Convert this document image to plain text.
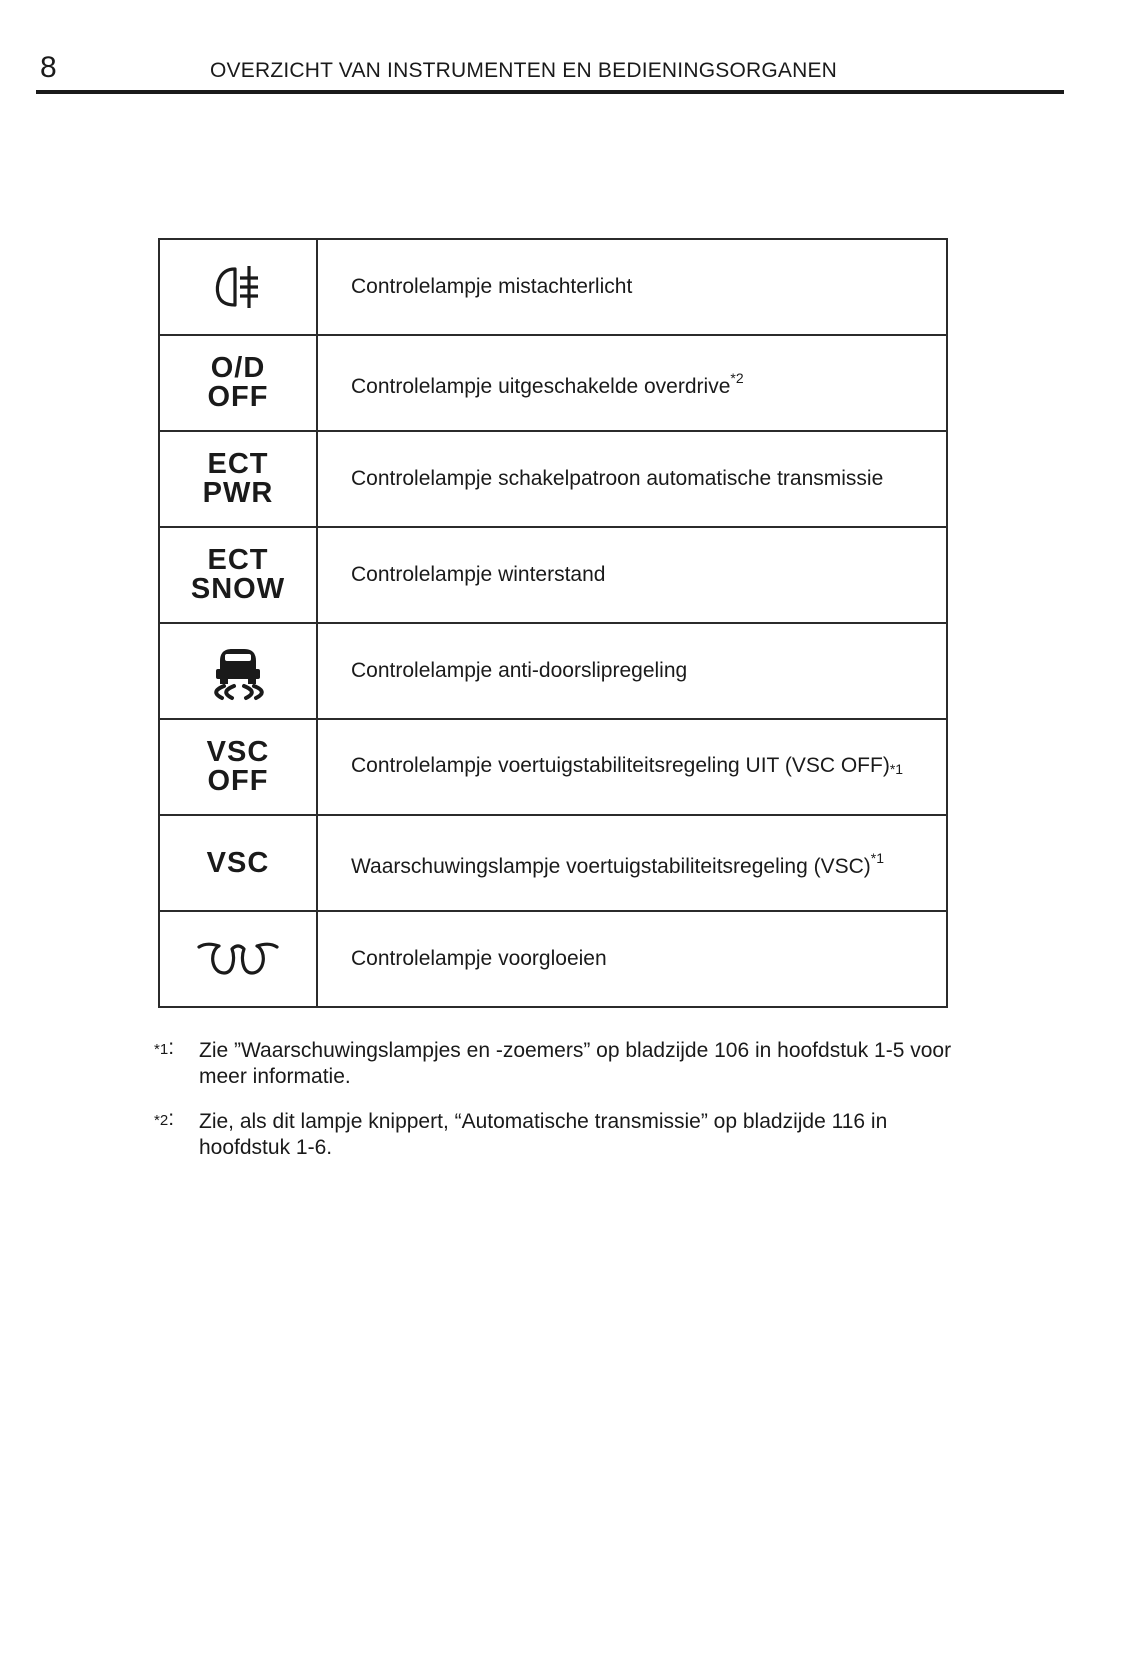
8	OVERZICHT VAN INSTRUMENTEN EN BEDIENINGSORGANEN
	Controlelampje mistachterlicht

O/D
OFF	Controlelampje uitgeschakelde overdrive$^{*2}$

ECT
PWR	Controlelampje schakelpatroon automatische transmissie

ECT
SNOW	Controlelampje winterstand

	Controlelampje anti-doorslipregeling

VSC
OFF	Controlelampje voertuigstabiliteitsregeling UIT (VSC $OFF)_{*1}$

VSC	Waarschuwingslampje voertuigstabiliteitsregeling (VSC)$^{*1}$

	Controlelampje voorgloeien
*1: Zie ”Waarschuwingslampjes en -zoemers” op bladzijde 106 in hoofdstuk 1-5 voor meer informatie.
*2: Zie, als dit lampje knippert, “Automatische transmissie” op bladzijde 116 in hoofdstuk 1-6.
